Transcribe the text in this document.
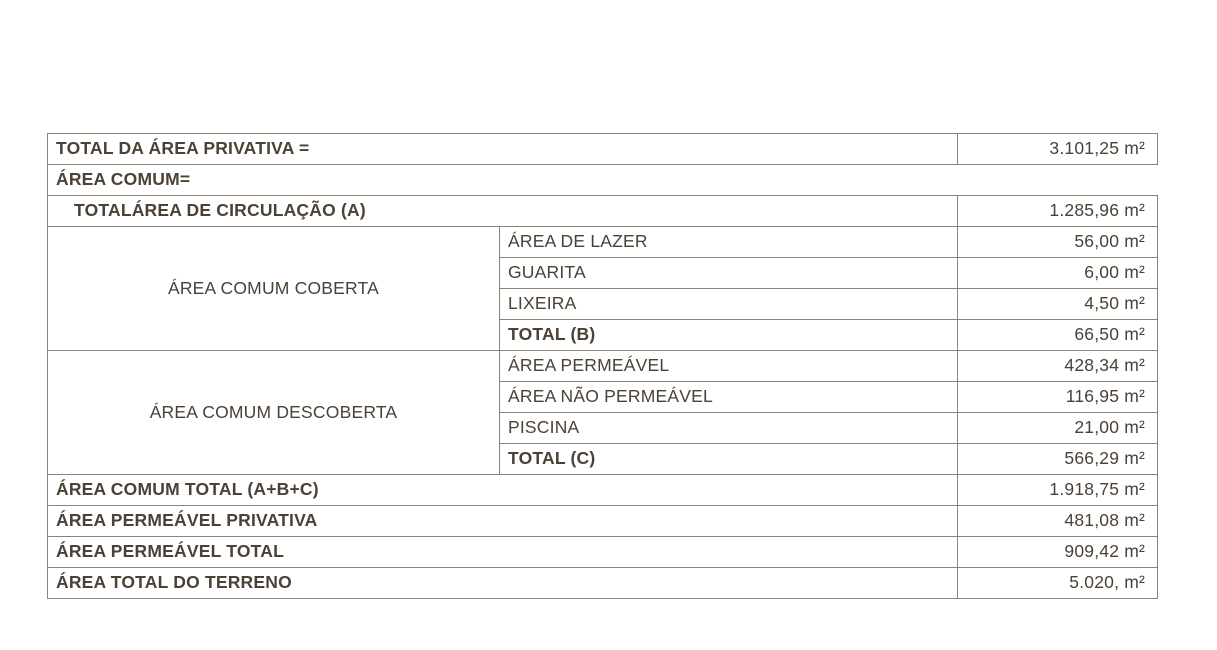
TOTAL DA ÁREA PRIVATIVA =		3.101,25 m²
ÁREA COMUM=		
TOTALÁREA DE CIRCULAÇÃO (A)		1.285,96 m²
ÁREA COMUM COBERTA	ÁREA DE LAZER	56,00 m²
	GUARITA	6,00 m²
	LIXEIRA	4,50 m²
	TOTAL (B)	66,50 m²
ÁREA COMUM DESCOBERTA	ÁREA PERMEÁVEL	428,34 m²
	ÁREA NÃO PERMEÁVEL	116,95 m²
	PISCINA	21,00 m²
	TOTAL (C)	566,29 m²
ÁREA COMUM TOTAL (A+B+C)		1.918,75 m²
ÁREA PERMEÁVEL PRIVATIVA		481,08 m²
ÁREA PERMEÁVEL TOTAL		909,42 m²
ÁREA TOTAL DO TERRENO		5.020, m²
